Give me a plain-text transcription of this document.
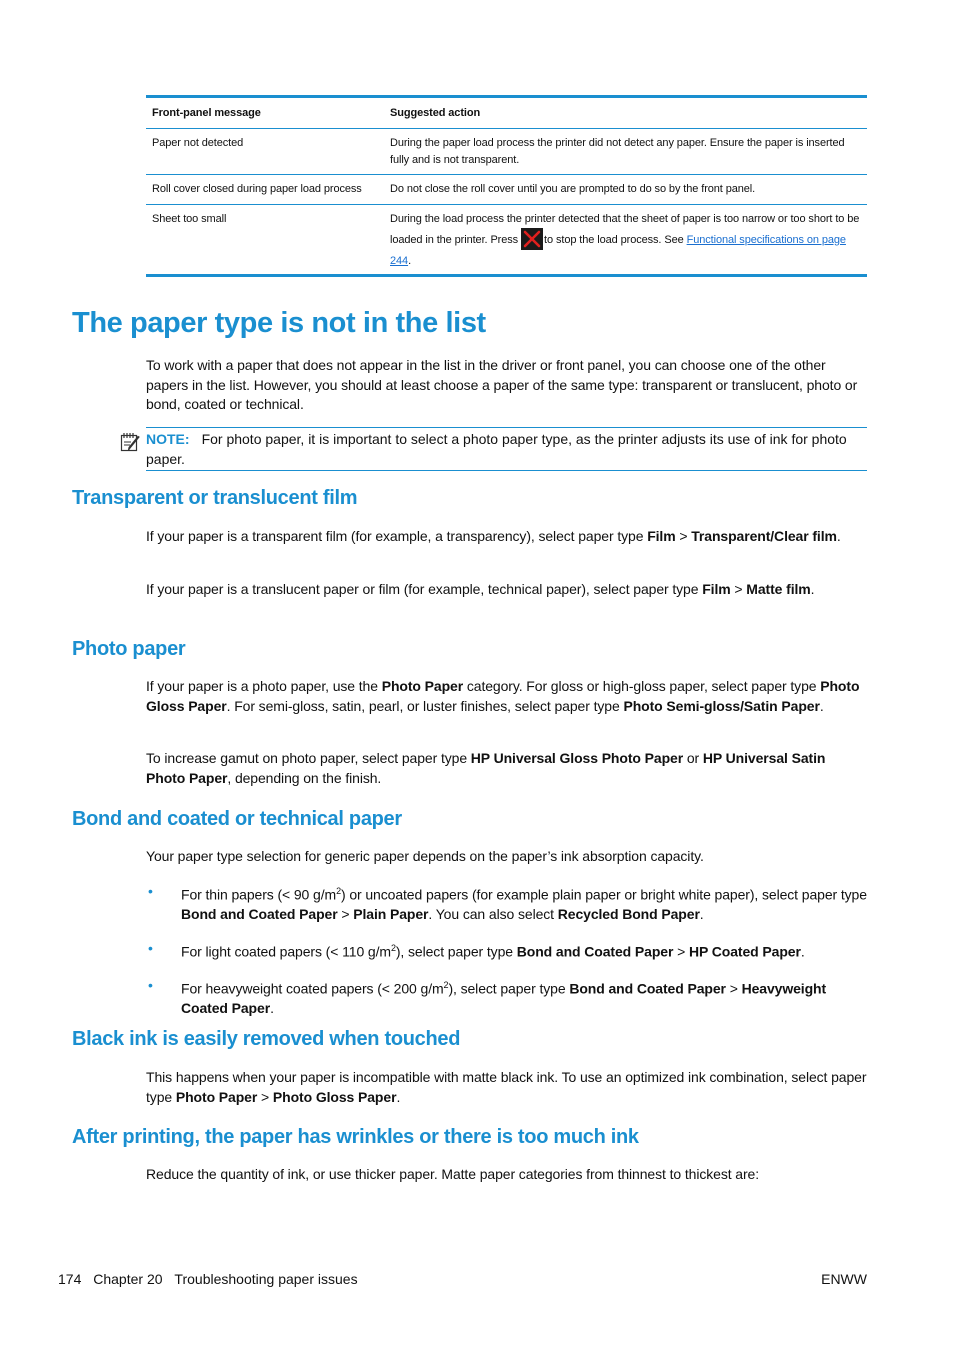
Front-panel message	Suggested action
Paper not detected	During the paper load process the printer did not detect any paper. Ensure the paper is inserted fully and is not transparent.
Roll cover closed during paper load process	Do not close the roll cover until you are prompted to do so by the front panel.
Sheet too small	During the load process the printer detected that the sheet of paper is too narrow or too short to be loaded in the printer. Press to stop the load process. See Functional specifications on page 244.
The paper type is not in the list

To work with a paper that does not appear in the list in the driver or front panel, you can choose one of the other papers in the list. However, you should at least choose a paper of the same type: transparent or translucent, photo or bond, coated or technical.

NOTE: For photo paper, it is important to select a photo paper type, as the printer adjusts its use of ink for photo paper.
Transparent or translucent film

If your paper is a transparent film (for example, a transparency), select paper type Film > Transparent/Clear film.

If your paper is a translucent paper or film (for example, technical paper), select paper type Film > Matte film.

Photo paper

If your paper is a photo paper, use the Photo Paper category. For gloss or high-gloss paper, select paper type Photo Gloss Paper. For semi-gloss, satin, pearl, or luster finishes, select paper type Photo Semi-gloss/Satin Paper.

To increase gamut on photo paper, select paper type HP Universal Gloss Photo Paper or HP Universal Satin Photo Paper, depending on the finish.

Bond and coated or technical paper

Your paper type selection for generic paper depends on the paper’s ink absorption capacity.

• For thin papers (< 90 $g/m^2$) or uncoated papers (for example plain paper or bright white paper), select paper type Bond and Coated Paper > Plain Paper. You can also select Recycled Bond Paper.
• For light coated papers (< 110 $g/m^2$), select paper type Bond and Coated Paper > HP Coated Paper.
• For heavyweight coated papers (< 200 $g/m^2$), select paper type Bond and Coated Paper > Heavyweight Coated Paper.
Black ink is easily removed when touched

This happens when your paper is incompatible with matte black ink. To use an optimized ink combination, select paper type Photo Paper > Photo Gloss Paper.

After printing, the paper has wrinkles or there is too much ink

Reduce the quantity of ink, or use thicker paper. Matte paper categories from thinnest to thickest are:

174 Chapter 20 Troubleshooting paper issues	ENWW
